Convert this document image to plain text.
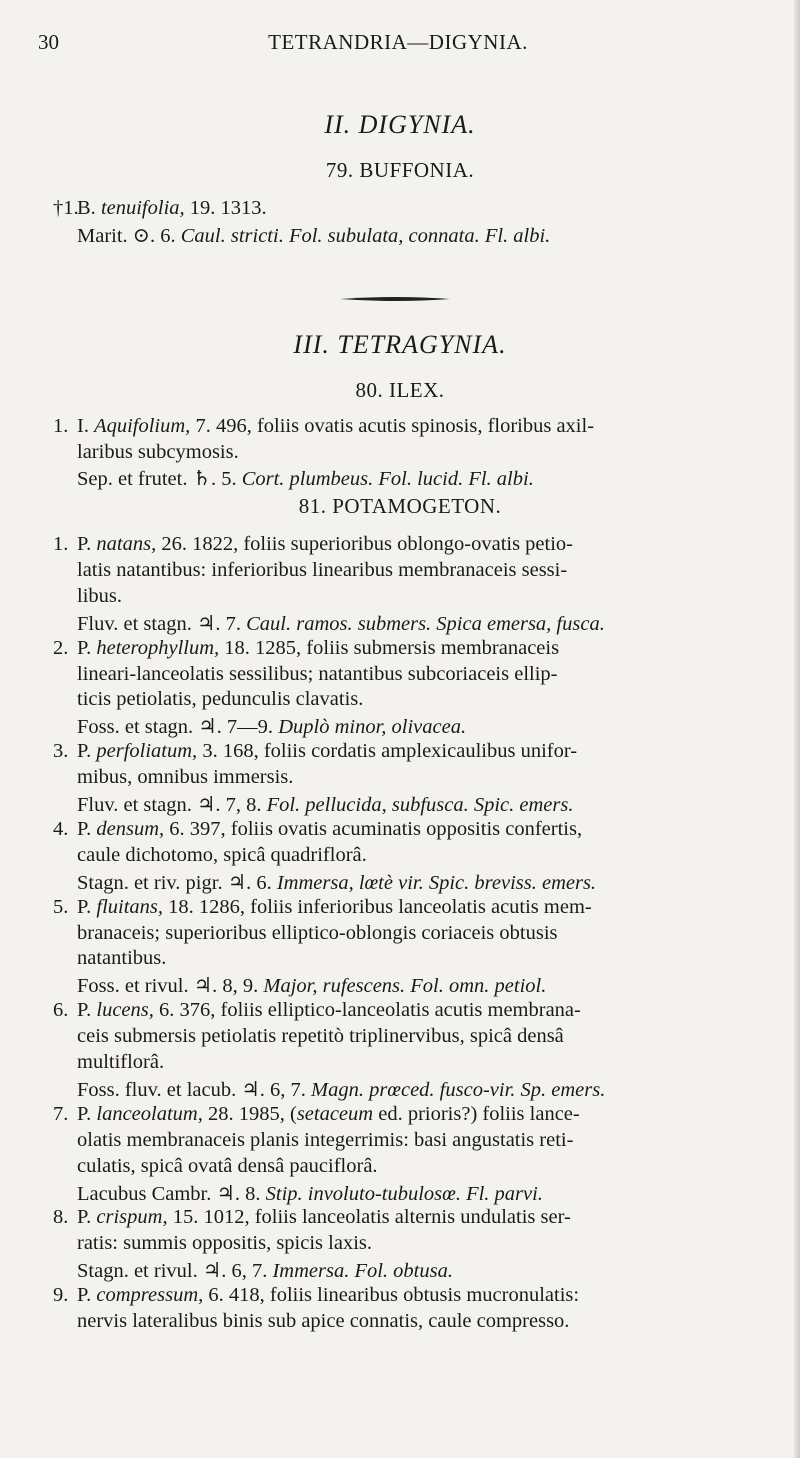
30	TETRANDRIA—DIGYNIA.
II. DIGYNIA.
79. BUFFONIA.
†1.B. tenuifolia, 19. 1313.
Marit. ⊙. 6. Caul. stricti. Fol. subulata, connata. Fl. albi.
III. TETRAGYNIA.
80. ILEX.
1. I. Aquifolium, 7. 496, foliis ovatis acutis spinosis, floribus axil-
laribus subcymosis.
Sep. et frutet. ♄. 5. Cort. plumbeus. Fol. lucid. Fl. albi.
81. POTAMOGETON.
1. P. natans, 26. 1822, foliis superioribus oblongo-ovatis petio-
latis natantibus: inferioribus linearibus membranaceis sessi-
libus.
Fluv. et stagn. ♃. 7. Caul. ramos. submers. Spica emersa, fusca.
2. P. heterophyllum, 18. 1285, foliis submersis membranaceis
lineari-lanceolatis sessilibus; natantibus subcoriaceis ellip-
ticis petiolatis, pedunculis clavatis.
Foss. et stagn. ♃. 7—9. Duplò minor, olivacea.
3. P. perfoliatum, 3. 168, foliis cordatis amplexicaulibus unifor-
mibus, omnibus immersis.
Fluv. et stagn. ♃. 7, 8. Fol. pellucida, subfusca. Spic. emers.
4. P. densum, 6. 397, foliis ovatis acuminatis oppositis confertis,
caule dichotomo, spicâ quadriflorâ.
Stagn. et riv. pigr. ♃. 6. Immersa, lœtè vir. Spic. breviss. emers.
5. P. fluitans, 18. 1286, foliis inferioribus lanceolatis acutis mem-
branaceis; superioribus elliptico-oblongis coriaceis obtusis
natantibus.
Foss. et rivul. ♃. 8, 9. Major, rufescens. Fol. omn. petiol.
6. P. lucens, 6. 376, foliis elliptico-lanceolatis acutis membrana-
ceis submersis petiolatis repetitò triplinervibus, spicâ densâ
multiflorâ.
Foss. fluv. et lacub. ♃. 6, 7. Magn. prœced. fusco-vir. Sp. emers.
7. P. lanceolatum, 28. 1985, (setaceum ed. prioris?) foliis lance-
olatis membranaceis planis integerrimis: basi angustatis reti-
culatis, spicâ ovatâ densâ pauciflorâ.
Lacubus Cambr. ♃. 8. Stip. involuto-tubulosœ. Fl. parvi.
8. P. crispum, 15. 1012, foliis lanceolatis alternis undulatis ser-
ratis: summis oppositis, spicis laxis.
Stagn. et rivul. ♃. 6, 7. Immersa. Fol. obtusa.
9. P. compressum, 6. 418, foliis linearibus obtusis mucronulatis:
nervis lateralibus binis sub apice connatis, caule compresso.
